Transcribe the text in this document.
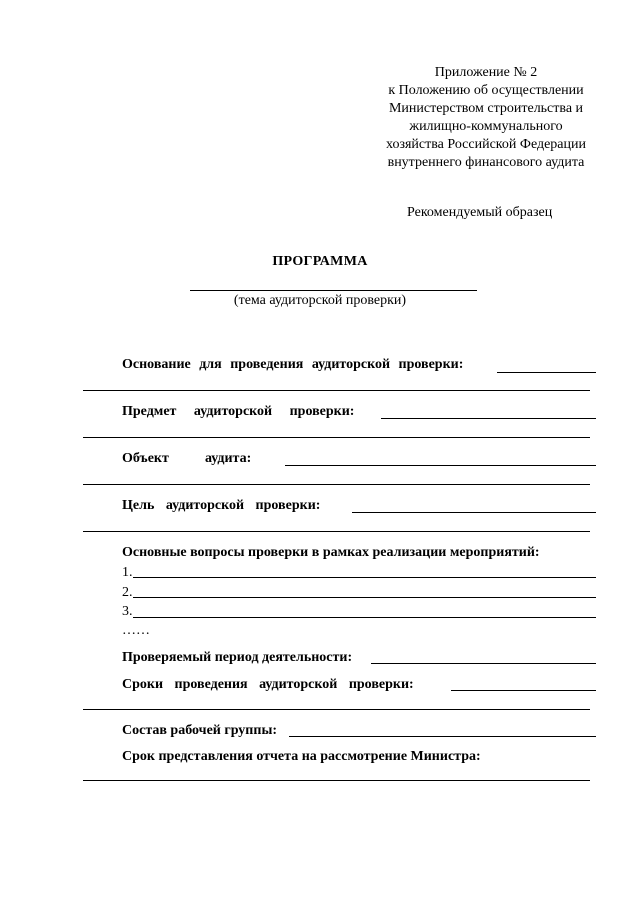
Приложение № 2
к Положению об осуществлении
Министерством строительства и
жилищно-коммунального
хозяйства Российской Федерации
внутреннего финансового аудита
Рекомендуемый образец
ПРОГРАММА
(тема аудиторской проверки)
Основание для проведения аудиторской проверки:
Предмет аудиторской проверки:
Объект	аудита:
Цель аудиторской проверки:
Основные вопросы проверки в рамках реализации мероприятий:
1.
2.
3.
……
Проверяемый период деятельности:
Сроки проведения аудиторской проверки:
Состав рабочей группы:
Срок представления отчета на рассмотрение Министра:
